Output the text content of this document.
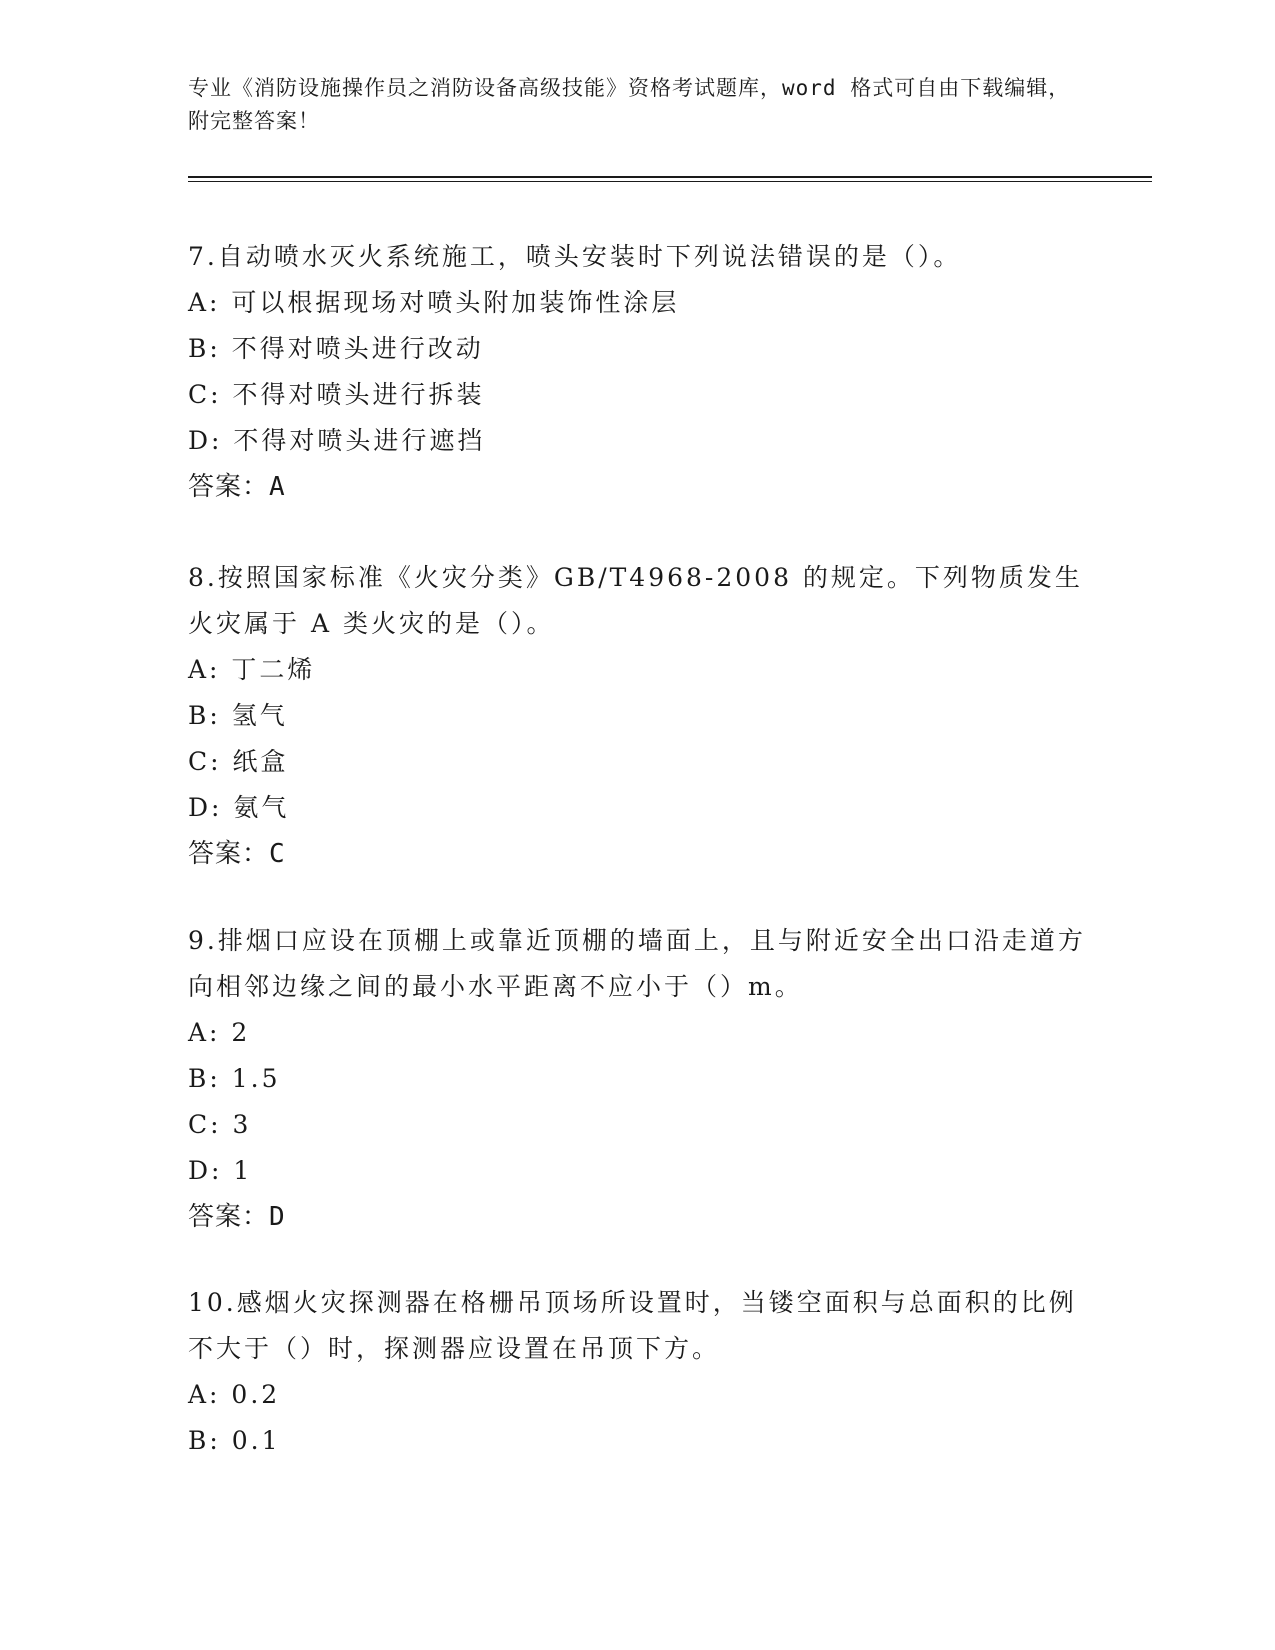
专业《消防设施操作员之消防设备高级技能》资格考试题库，word 格式可自由下载编辑，附完整答案！

7.自动喷水灭火系统施工，喷头安装时下列说法错误的是（）。

A: 可以根据现场对喷头附加装饰性涂层

B: 不得对喷头进行改动

C: 不得对喷头进行拆装

D: 不得对喷头进行遮挡

答案：A

8.按照国家标准《火灾分类》GB/T4968-2008 的规定。下列物质发生火灾属于 A 类火灾的是（）。

A: 丁二烯

B: 氢气

C: 纸盒

D: 氨气

答案：C

9.排烟口应设在顶棚上或靠近顶棚的墙面上，且与附近安全出口沿走道方向相邻边缘之间的最小水平距离不应小于（）m。

A: 2

B: 1.5

C: 3

D: 1

答案：D

10.感烟火灾探测器在格栅吊顶场所设置时，当镂空面积与总面积的比例不大于（）时，探测器应设置在吊顶下方。

A: 0.2

B: 0.1
